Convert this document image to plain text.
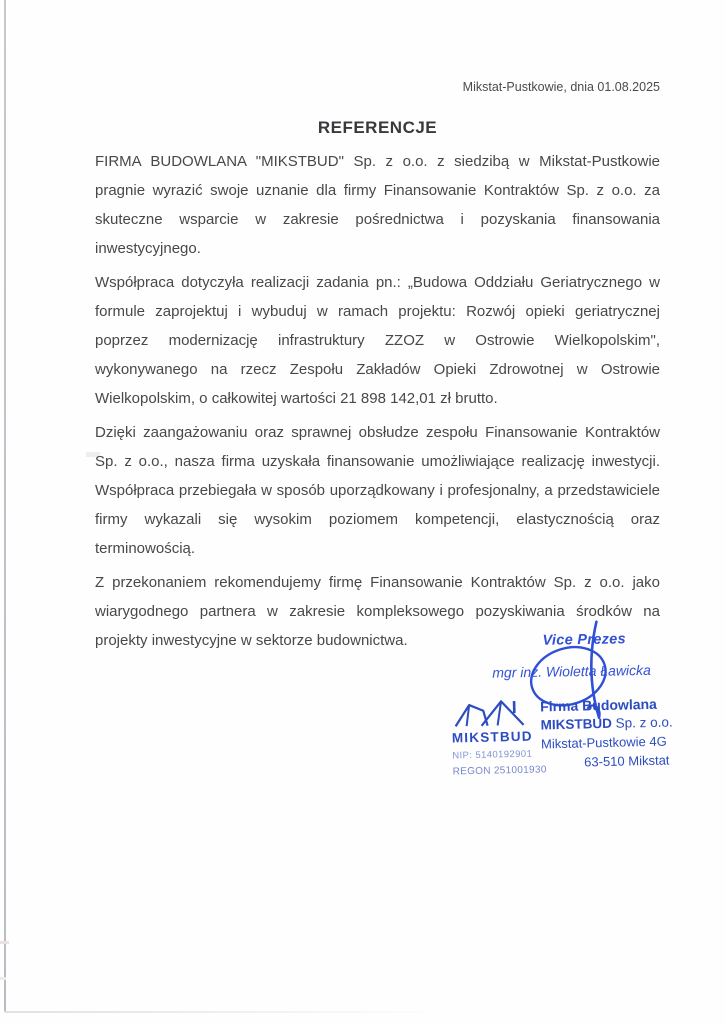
Mikstat-Pustkowie, dnia 01.08.2025
REFERENCJE

FIRMA BUDOWLANA "MIKSTBUD" Sp. z o.o. z siedzibą w Mikstat-Pustkowie pragnie wyrazić swoje uznanie dla firmy Finansowanie Kontraktów Sp. z o.o. za skuteczne wsparcie w zakresie pośrednictwa i pozyskania finansowania inwestycyjnego.

Współpraca dotyczyła realizacji zadania pn.: „Budowa Oddziału Geriatrycznego w formule zaprojektuj i wybuduj w ramach projektu: Rozwój opieki geriatrycznej poprzez modernizację infrastruktury ZZOZ w Ostrowie Wielkopolskim", wykonywanego na rzecz Zespołu Zakładów Opieki Zdrowotnej w Ostrowie Wielkopolskim, o całkowitej wartości 21 898 142,01 zł brutto.

Dzięki zaangażowaniu oraz sprawnej obsłudze zespołu Finansowanie Kontraktów Sp. z o.o., nasza firma uzyskała finansowanie umożliwiające realizację inwestycji. Współpraca przebiegała w sposób uporządkowany i profesjonalny, a przedstawiciele firmy wykazali się wysokim poziomem kompetencji, elastycznością oraz terminowością.

Z przekonaniem rekomendujemy firmę Finansowanie Kontraktów Sp. z o.o. jako wiarygodnego partnera w zakresie kompleksowego pozyskiwania środków na projekty inwestycyjne w sektorze budownictwa.	Vice Prezes
mgr inż. Wioletta Ławicka
MIKSTBUD
NIP: 5140192901
REGON 251001930
Firma Budowlana
MIKSTBUD Sp. z o.o.
Mikstat-Pustkowie 4G
63-510 Mikstat
